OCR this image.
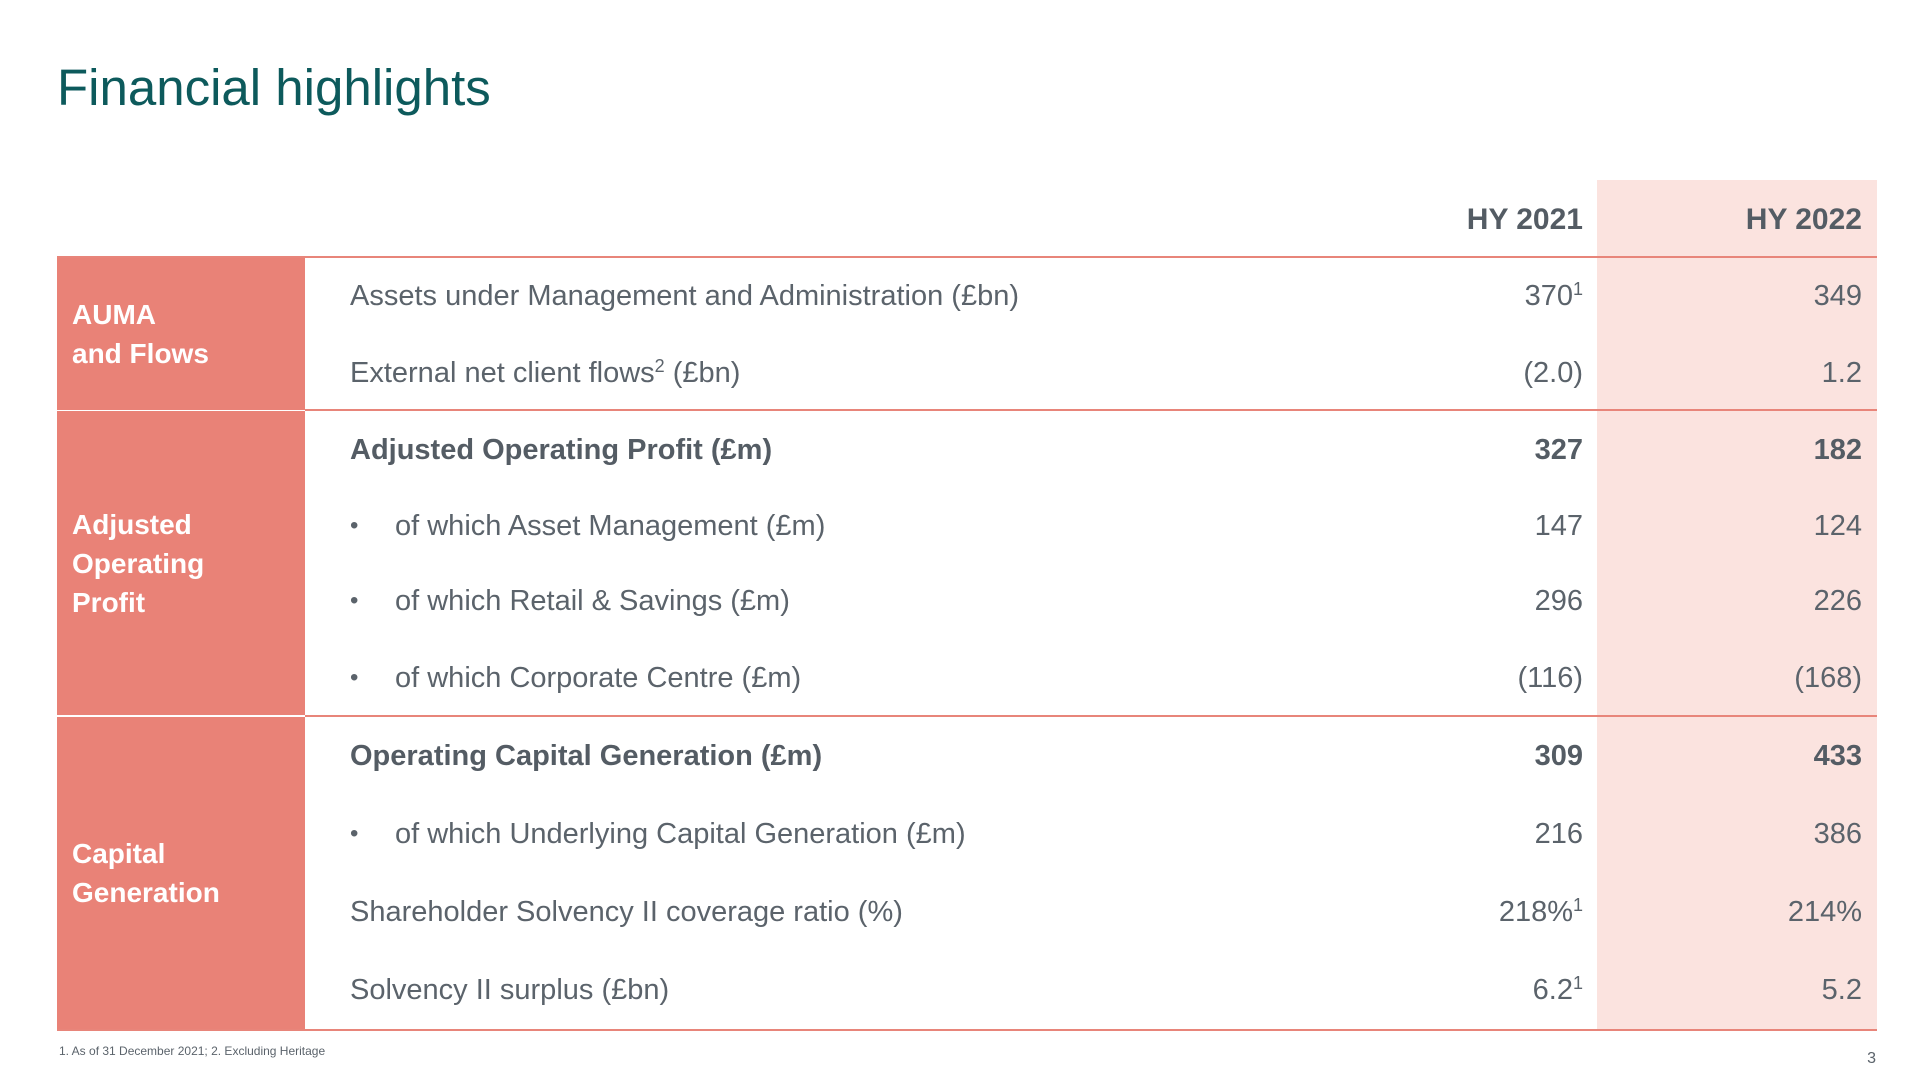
Financial highlights
HY 2021	HY 2022
AUMA
and Flows
Assets under Management and Administration (£bn)	$370^1$	349
External net client flows$^2$ (£bn)	(2.0)	1.2
Adjusted
Operating
Profit
Adjusted Operating Profit (£m)	327	182
• of which Asset Management (£m)	147	124
• of which Retail & Savings (£m)	296	226
• of which Corporate Centre (£m)	(116)	(168)
Capital
Generation
Operating Capital Generation (£m)	309	433
• of which Underlying Capital Generation (£m)	216	386
Shareholder Solvency II coverage ratio (%)	218%$^1$	214%
Solvency II surplus (£bn)	$6.2^1$	5.2
1. As of 31 December 2021; 2. Excluding Heritage	3
